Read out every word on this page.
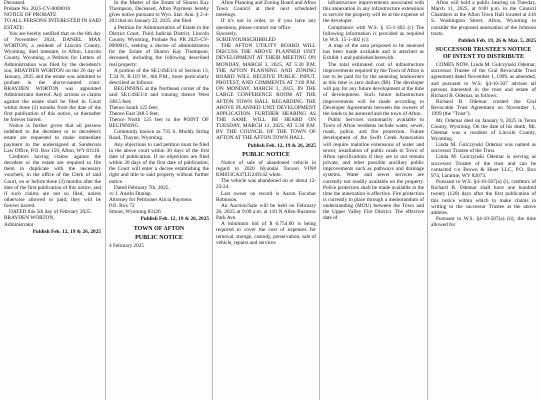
Deceased.

Probate No. 2025-CV-0000016

NOTICE OF PROBATE

TO ALL PERSONS INTERESTED IN SAID ESTATE:

You are hereby notified that on the 6th day of November 2024, DANIEL MAX WORTON, a resident of Lincoln County, Wyoming, died intestate, in Afton, Lincoln County, Wyoming, a Petition for Letters of Administration was filed by the decedent's son, BRAYDEN WORTON on the 26 day of January, 2025 and the estate was admitted to probate in the above-named court. BRAYDEN WORTON was appointed Administrator thereof. Any actions or claims against the estate shall be filed in Court within three (3) months from the date of the first publication of this notice, or thereafter be forever barred.

Notice is further given that all persons indebted to the decedent or to decedent's estate are requested to make immediate payment to the undersigned at Sanderson Law Office, P.O. Box 159, Afton, WY 83110.

Creditors having claims against the decedent or the estate are required to file them in duplicate with the necessary vouchers, in the office of the Clerk of said Court, on or before three (3) months after the date of the first publication of this notice, and if such claims are not so filed, unless otherwise allowed or paid, they will be forever barred.

DATED this 5th day of February 2025.

BRAYDEN WORTON,

Administrator

Publish Feb. 12, 19 & 26, 2025

In the Matter of the Estate of Sharon Kay Thompson, Deceased, Afton Paymens hereby gives notice pursuant to Wyo. Stat. Ann. § 2-4-203 that on January 22, 2025, she filed

a Petition for Administration of Estate in the District Court, Third Judicial District, Lincoln County, Wyoming, Probate No. PR 2025-CV-0000015, seeking a decree of administration for the Estate of Sharon Kay Thompson, deceased, including the following described real property:

A portion of the SE1/4SE1/4 of Section 13, T.34 N, R.119 W., 6th P.M., more particularly described as follows:

BEGINNING at the Northeast corner of the said SE1/4SE1/4 and running thence West 348.5 feet;

Thence South 125 feet;

Thence East 348.5 feet;

Thence North 125 feet to the POINT OF BEGINNING.

Commonly known as 735 S. Muddy String Road, Thayne, Wyoming.

Any objections to said petition must be filed in the above court within 30 days of the first date of publication. If no objections are filed within 30 days of the first date of publication, the Court will enter a decree establishing the right and title to said property without further notice.

Dated February 7th, 2025.

/s/ J. Austin Dunlap

Attorney for Petitioner Alicia Paymens

P.O. Box 72

Smoot, Wyoming 83126

Publish Feb. 12, 19 & 26, 2025

TOWN OF AFTON

PUBLIC NOTICE

4 February 2025

Afton Planning and Zoning Board and Afton Town Council at their next scheduled meetings.

If it's not in order, or if you have any questions, please contact our office.

Sincerely,

SUBJEYOURSCRIBBLED

THE AFTON UTILITY BOARD WILL DISCUSS THE ABOVE PLANNED UNIT DEVELOPMENT AT THEIR MEETING ON MONDAY, MARCH 3, 2025, AT 5:30 P.M. THE AFTON PLANNING AND ZONING BOARD WILL RECEIVE PUBLIC INPUT, PROTEST, AND COMMENTS AT 7:00 P.M. ON MONDAY, MARCH 3, 2025, IN THE LARGE CONFERENCE ROOM AT THE AFTON TOWN HALL REGARDING THE ABOVE PLANNED UNIT DEVELOPMENT APPLICATION. FURTHER HEARING AS THE SAME WILL BE HEARD ON TUESDAY, MARCH 11, 2025, AT 5:30 P.M. BY THE COUNCIL OF THE TOWN OF AFTON AT THE AFTON TOWN HALL.

Publish Feb. 12, 19 & 26, 2025

PUBLIC NOTICE

Notice of sale of abandoned vehicle in regard to 2020 Hyundai Tucson VIN# KM8J3CA47LU249142 white.

The vehicle was abandoned on or about 12-23-24.

Last owner on record is Aaron Escobar Robinson.

An Auction/Sale will be held on February 26, 2025 at 9:00 a.m. at 110 N Allen Business Park Ave.

A minimum bid of $ 6,754.00 is being required to cover the cost of expenses for removal, storage, custody, preservation, sale of vehicle, repairs and services

infrastructure improvements associated with this annexation in any infrastructure extensions to service the property will be at the expense of the developer.

Compliance with W.S. § 15-1-402 (c) The following information is provided as required by W.S. 15-1-402 (c):

A map of the area proposed to be annexed has been made available and is attached as Exhibit 1 and published herewith.

The total estimated cost of infrastructure improvements required by the Town of Afton is not to be paid for by the annexing landowners at this time is zero dollars ($0). The developer will pay for any future development at the time of development. Such future infrastructure improvements will be made according to Developer Agreements between the owners of the lands to be annexed and the town of Afton.

Public Services customarily available to Town of Afton residents include water, sewer, roads, police, and fire protection. Future development of the Swift Creek Annexation will require mainline extensions of water and sewer, installation of public roads to Town of Afton specifications if they are to not remain private, and other possible ancillary public improvements such as pathways and drainage systems. Water and sewer services are currently not readily available on the property. Police protection shall be made available at the time the annexation is effective. Fire protection is currently in place through a memorandum of understanding (MOU) between the Town and the Upper Valley Fire District. The effective date of

Afton will hold a public hearing on Tuesday, March 11, 2025, at 6:00 p.m. in the Council Chambers at the Afton Town Hall located at 416 S. Washington Street, Afton, Wyoming to consider the proposed annexation of the Johnson tracts.

Publish Feb. 19, 26 & Mar. 5, 2025

SUCCESSOR TRUSTEE'S NOTICE OF INTENT TO DISTRIBUTE

COMES NOW, Linda M. Gulczynski Odemar, successor Trustee of the Gral Revocable Trust agreement dated November 1, 1999, as amended, and pursuant to W.S. §4-10-507 advises all persons interested in the trust and estate of Richard B. Odemar, as follows:

Richard B. Odemar created the Gral Revocable Trust Agreement on November 1, 1999 (the "Trust").

Mr. Odemar died on January 9, 2025 in Teton County, Wyoming. On the date of his death, Mr. Odemar was a resident of Lincoln County, Wyoming.

Linda M. Gulczynski Odemar was named as successor Trustee of the Trust.

Linda M. Gulczynski Odemar is serving as successor Trustee of the trust and can be contacted c/o Brown & Hiser LLC, P.O. Box 974, Laramie, WY 82073.

Pursuant to W.S. §4-10-507(a) (i), creditors of Richard B. Odemar shall have one hundred twenty (120) days after the first publication of this notice within which to make claims in writing to the successor Trustee at the above address.

Pursuant to W.S. §4-10-507(a) (ii), the time allowed for
